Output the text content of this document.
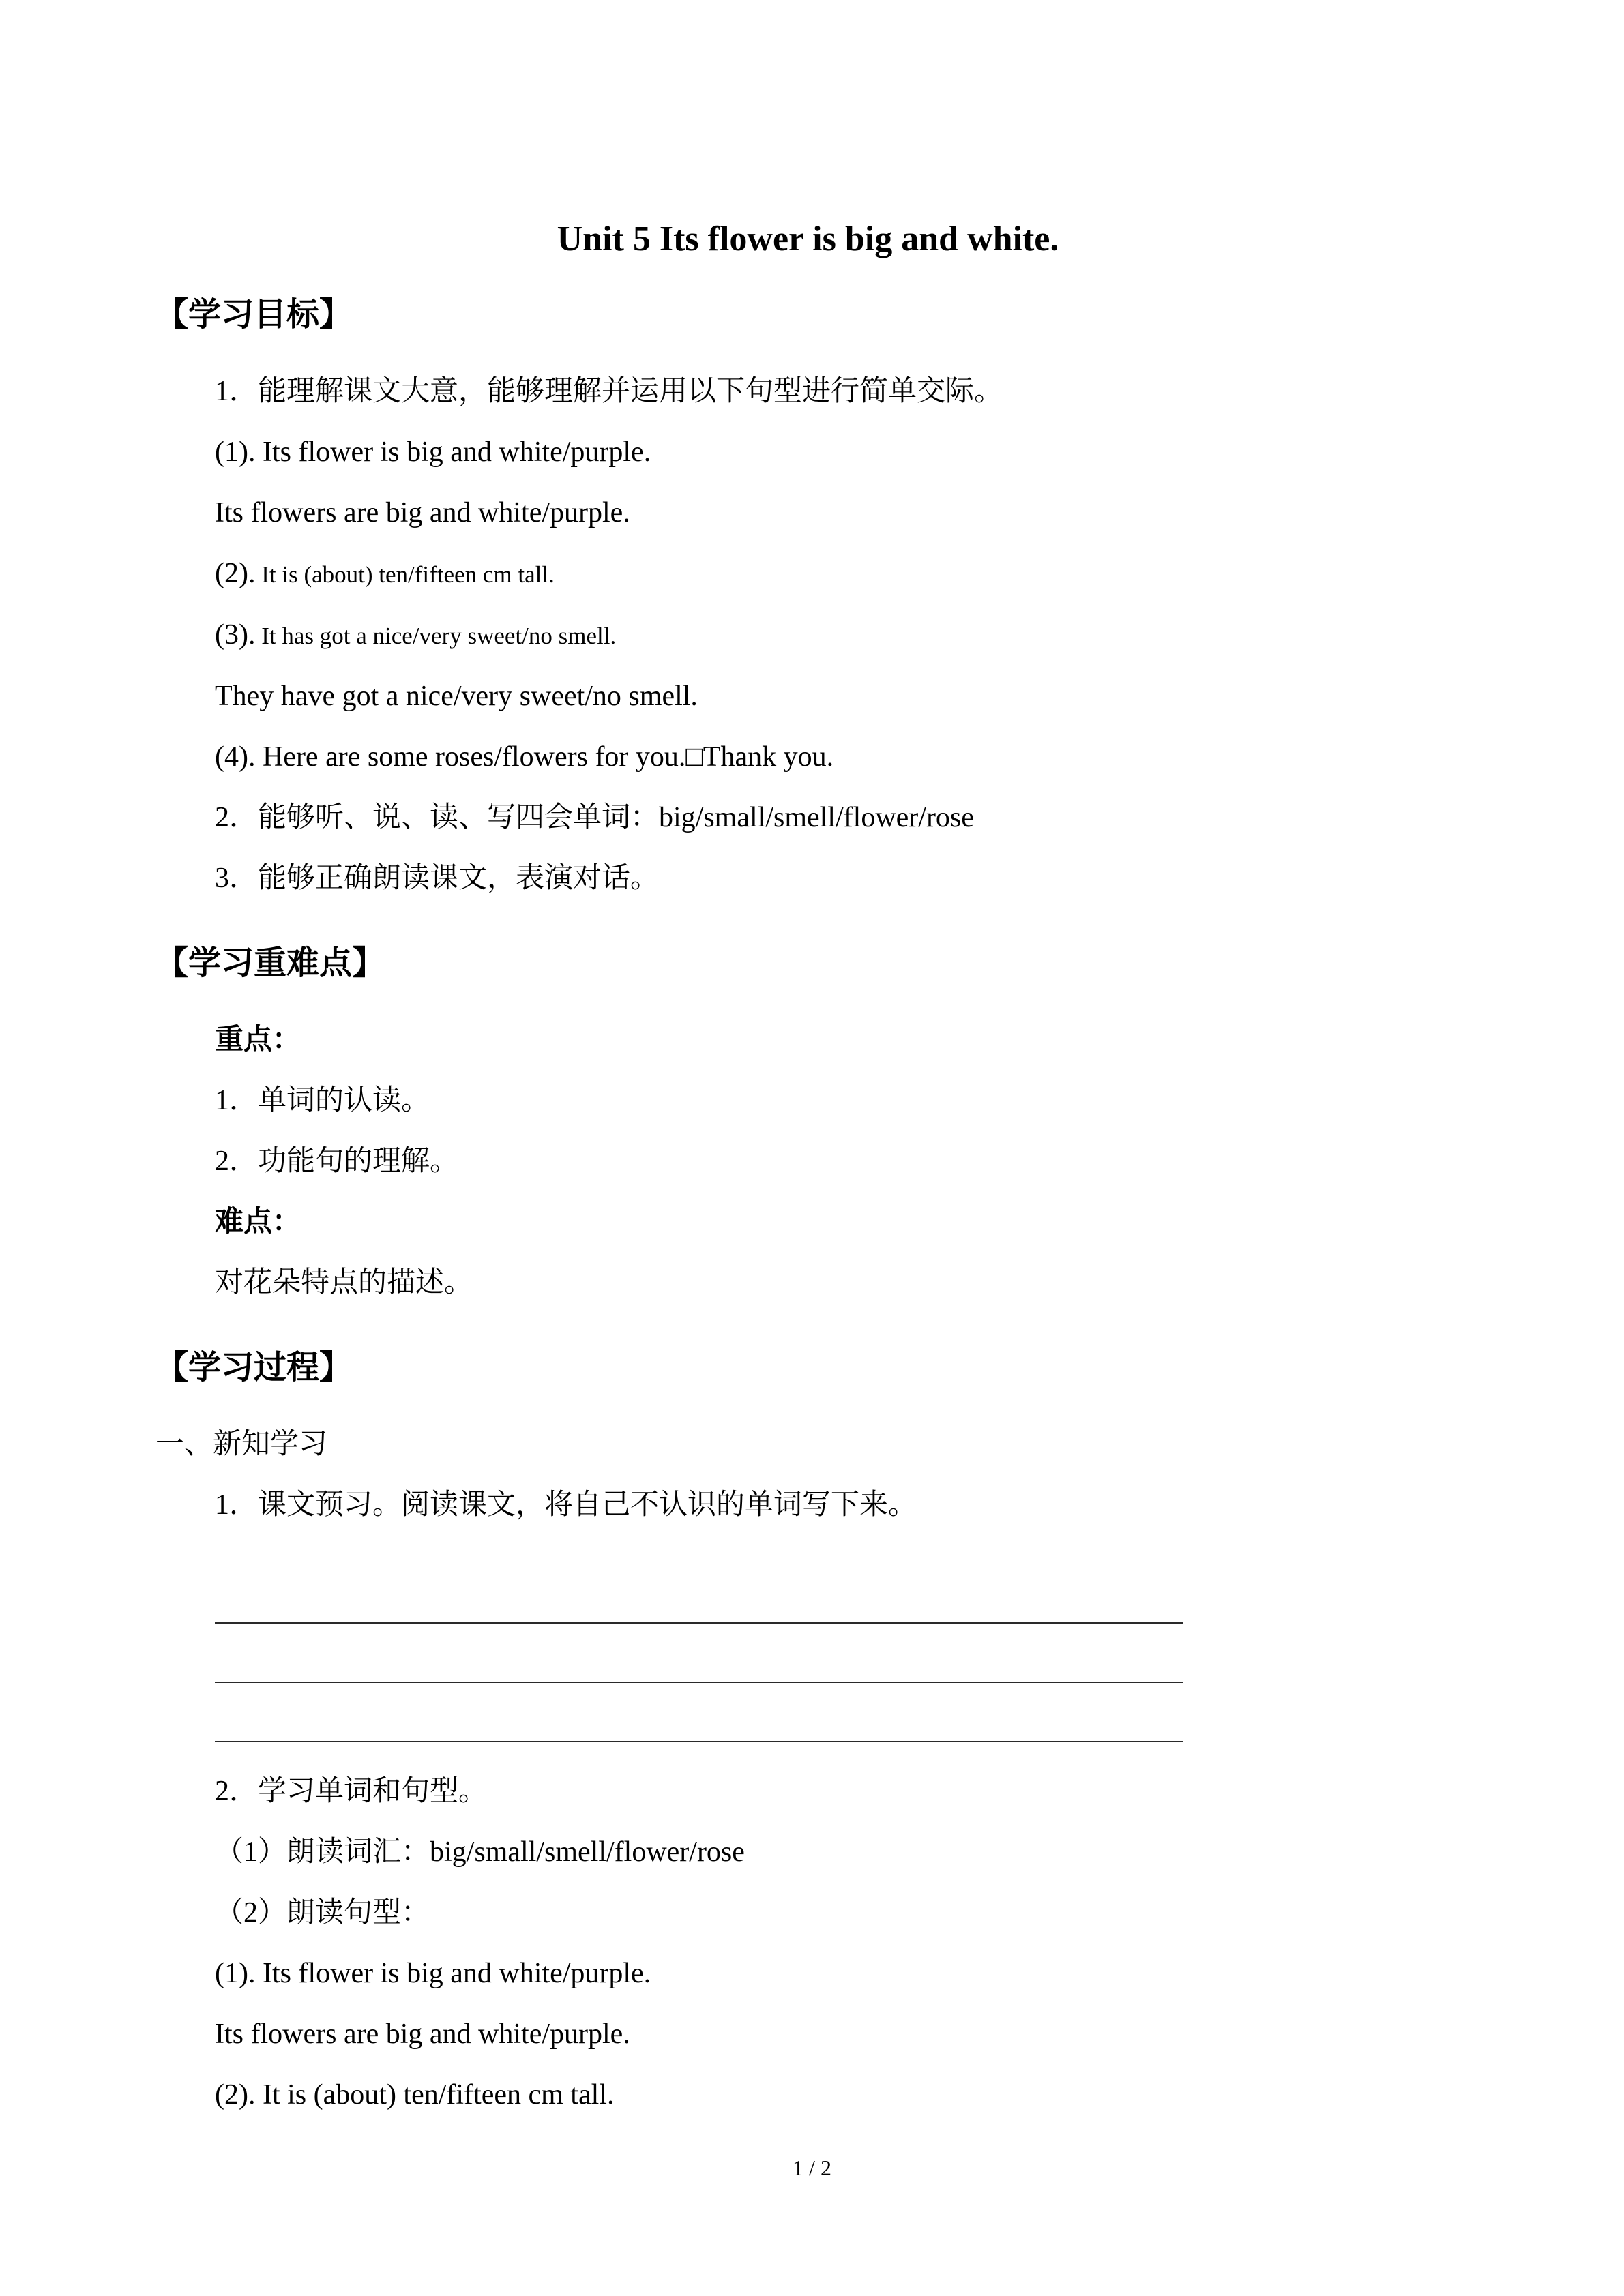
Unit 5 Its flower is big and white.
【学习目标】

1．能理解课文大意，能够理解并运用以下句型进行简单交际。

(1). Its flower is big and white/purple.

Its flowers are big and white/purple.

(2). It is (about) ten/fifteen cm tall.

(3). It has got a nice/very sweet/no smell.

They have got a nice/very sweet/no smell.

(4). Here are some roses/flowers for you.□Thank you.

2．能够听、说、读、写四会单词：big/small/smell/flower/rose

3．能够正确朗读课文，表演对话。

【学习重难点】

重点：

1．单词的认读。

2．功能句的理解。

难点：

对花朵特点的描述。

【学习过程】

一、新知学习

1．课文预习。阅读课文，将自己不认识的单词写下来。

2．学习单词和句型。

（1）朗读词汇：big/small/smell/flower/rose

（2）朗读句型：

(1). Its flower is big and white/purple.

Its flowers are big and white/purple.

(2). It is (about) ten/fifteen cm tall.

1 / 2
